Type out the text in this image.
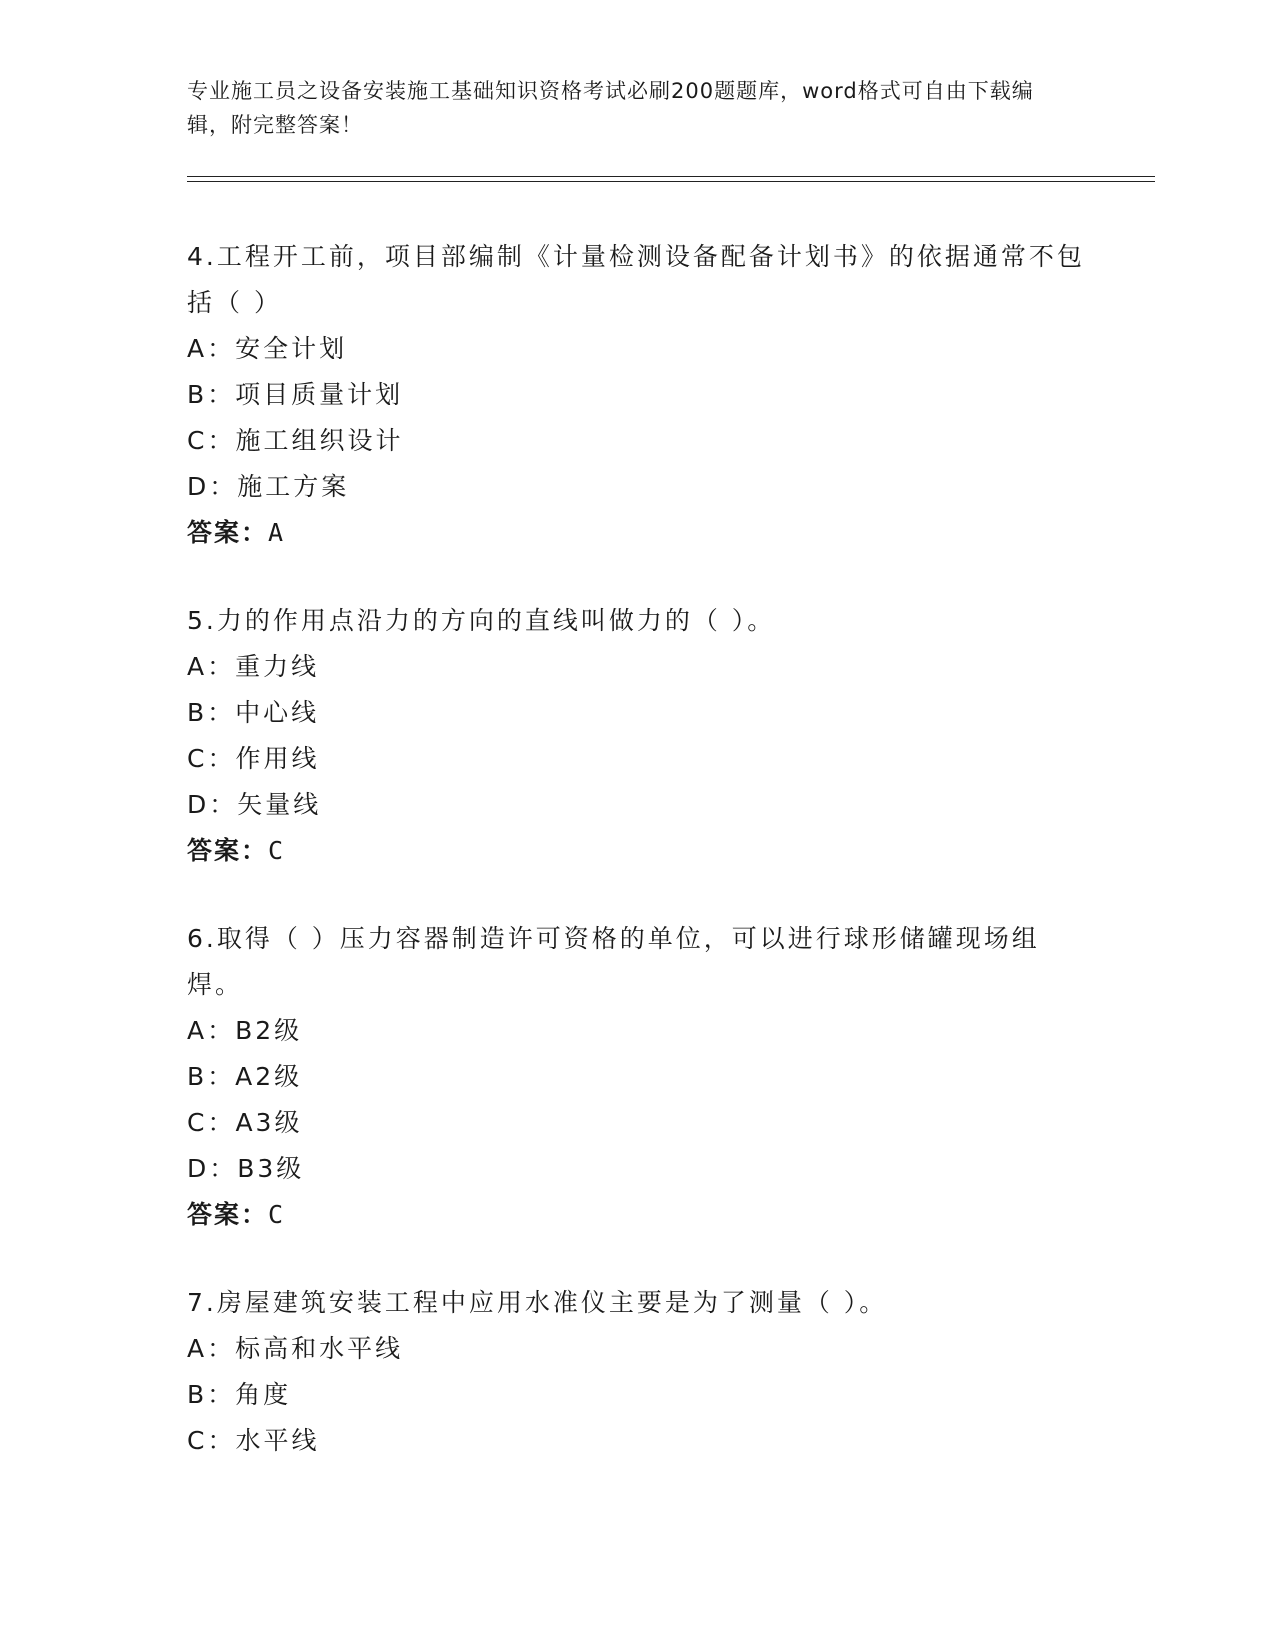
专业施工员之设备安装施工基础知识资格考试必刷200题题库，word格式可自由下载编辑，附完整答案！

4.工程开工前，项目部编制《计量检测设备配备计划书》的依据通常不包括（ ）

A：安全计划

B：项目质量计划

C：施工组织设计

D：施工方案

答案：A

5.力的作用点沿力的方向的直线叫做力的（ ）。

A：重力线

B：中心线

C：作用线

D：矢量线

答案：C

6.取得（ ）压力容器制造许可资格的单位，可以进行球形储罐现场组焊。

A：B2级

B：A2级

C：A3级

D：B3级

答案：C

7.房屋建筑安装工程中应用水准仪主要是为了测量（ ）。

A：标高和水平线

B：角度

C：水平线
